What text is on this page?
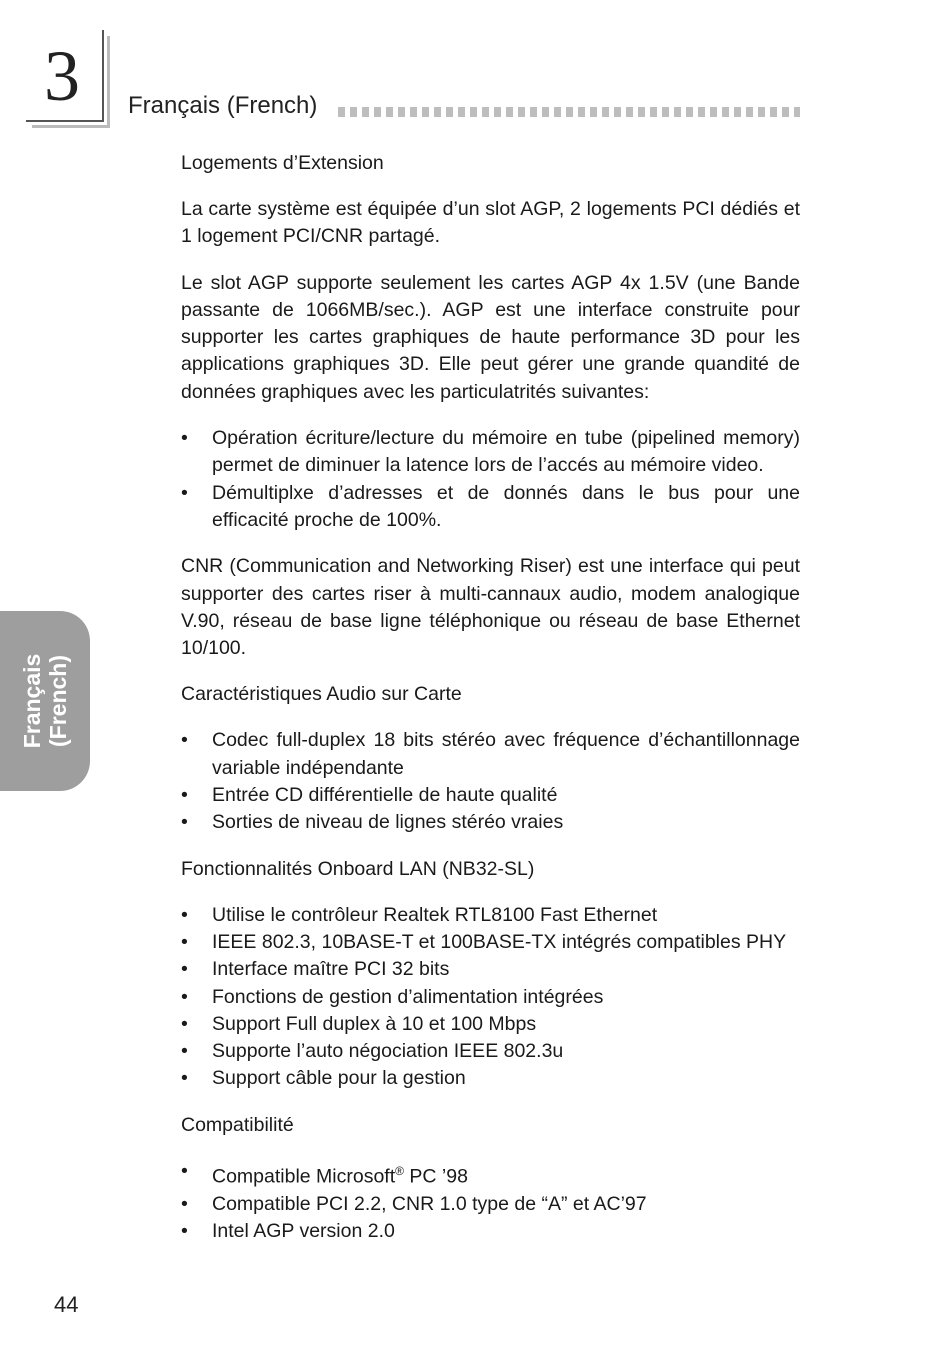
3 Français (French)
Français (French)
Logements d’Extension

La carte système est équipée d’un slot AGP, 2 logements PCI dédiés et 1 logement PCI/CNR partagé.

Le slot AGP supporte seulement les cartes AGP 4x 1.5V (une Bande passante de 1066MB/sec.). AGP est une interface construite pour supporter les cartes graphiques de haute performance 3D pour les applications graphiques 3D. Elle peut gérer une grande quandité de données graphiques avec les particulatrités suivantes:

• Opération écriture/lecture du mémoire en tube (pipelined memory) permet de diminuer la latence lors de l’accés au mémoire video.
• Démultiplxe d’adresses et de donnés dans le bus pour une efficacité proche de 100%.

CNR (Communication and Networking Riser) est une interface qui peut supporter des cartes riser à multi-cannaux audio, modem analogique V.90, réseau de base ligne téléphonique ou réseau de base Ethernet 10/100.

Caractéristiques Audio sur Carte
• Codec full-duplex 18 bits stéréo avec fréquence d’échantillonnage variable indépendante
• Entrée CD différentielle de haute qualité
• Sorties de niveau de lignes stéréo vraies
Fonctionnalités Onboard LAN (NB32-SL)
• Utilise le contrôleur Realtek RTL8100 Fast Ethernet
• IEEE 802.3, 10BASE-T et 100BASE-TX intégrés compatibles PHY
• Interface maître PCI 32 bits
• Fonctions de gestion d’alimentation intégrées
• Support Full duplex à 10 et 100 Mbps
• Supporte l’auto négociation IEEE 802.3u
• Support câble pour la gestion
Compatibilité
• Compatible Microsoft® PC ’98
• Compatible PCI 2.2, CNR 1.0 type de “A” et AC’97
• Intel AGP version 2.0
44
